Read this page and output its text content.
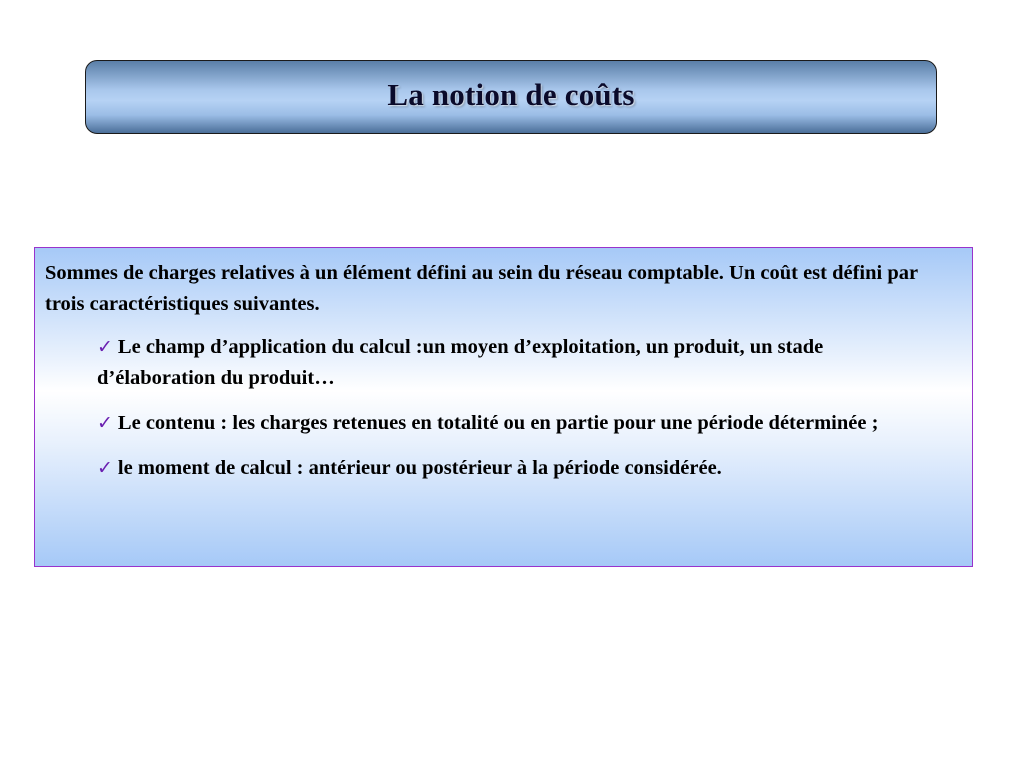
La notion de coûts

Sommes de charges relatives à un élément défini au sein du réseau comptable. Un coût est défini par trois caractéristiques suivantes.

✓ Le champ d’application du calcul :un moyen d’exploitation, un produit, un stade d’élaboration du produit…
✓ Le contenu : les charges retenues en totalité ou en partie pour une période déterminée ;
✓ le moment de calcul : antérieur ou postérieur à la période considérée.
